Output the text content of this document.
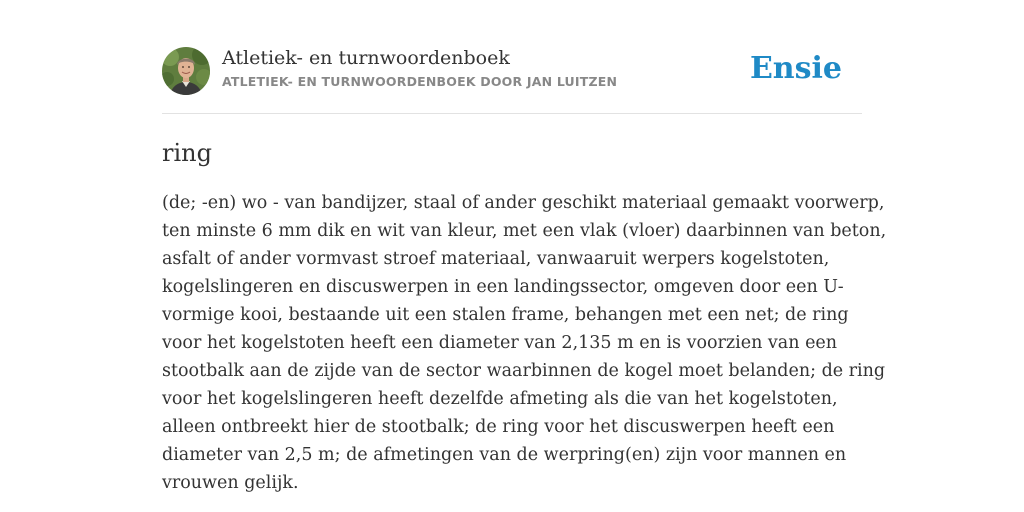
Atletiek- en turnwoordenboek
ATLETIEK- EN TURNWOORDENBOEK DOOR JAN LUITZEN	Ensie
ring
(de; -en) wo - van bandijzer, staal of ander geschikt materiaal gemaakt voorwerp,
ten minste 6 mm dik en wit van kleur, met een vlak (vloer) daarbinnen van beton,
asfalt of ander vormvast stroef materiaal, vanwaaruit werpers kogelstoten,
kogelslingeren en discuswerpen in een landingssector, omgeven door een U-
vormige kooi, bestaande uit een stalen frame, behangen met een net; de ring
voor het kogelstoten heeft een diameter van 2,135 m en is voorzien van een
stootbalk aan de zijde van de sector waarbinnen de kogel moet belanden; de ring
voor het kogelslingeren heeft dezelfde afmeting als die van het kogelstoten,
alleen ontbreekt hier de stootbalk; de ring voor het discuswerpen heeft een
diameter van 2,5 m; de afmetingen van de werpring(en) zijn voor mannen en
vrouwen gelijk.
